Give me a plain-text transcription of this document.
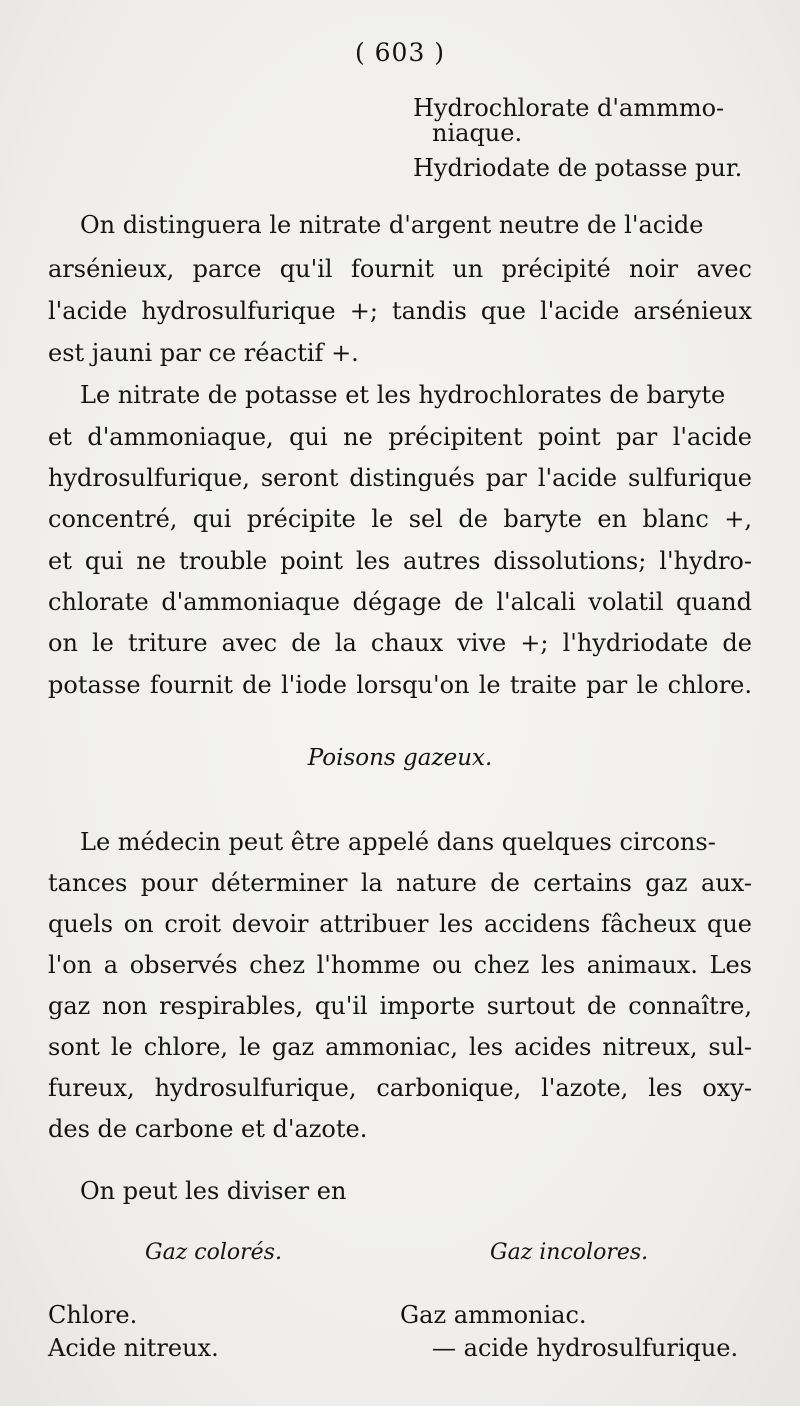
( 603 )
Hydrochlorate d'ammmo-
niaque.
Hydriodate de potasse pur.
On distinguera le nitrate d'argent neutre de l'acide
arsénieux, parce qu'il fournit un précipité noir avec
l'acide hydrosulfurique +; tandis que l'acide arsénieux
est jauni par ce réactif +.
Le nitrate de potasse et les hydrochlorates de baryte
et d'ammoniaque, qui ne précipitent point par l'acide
hydrosulfurique, seront distingués par l'acide sulfurique
concentré, qui précipite le sel de baryte en blanc +,
et qui ne trouble point les autres dissolutions; l'hydro-
chlorate d'ammoniaque dégage de l'alcali volatil quand
on le triture avec de la chaux vive +; l'hydriodate de
potasse fournit de l'iode lorsqu'on le traite par le chlore.
Poisons gazeux.
Le médecin peut être appelé dans quelques circons-
tances pour déterminer la nature de certains gaz aux-
quels on croit devoir attribuer les accidens fâcheux que
l'on a observés chez l'homme ou chez les animaux. Les
gaz non respirables, qu'il importe surtout de connaître,
sont le chlore, le gaz ammoniac, les acides nitreux, sul-
fureux, hydrosulfurique, carbonique, l'azote, les oxy-
des de carbone et d'azote.
On peut les diviser en
Gaz colorés.	Gaz incolores.
Chlore.
Acide nitreux.
Gaz ammoniac.
— acide hydrosulfurique.
